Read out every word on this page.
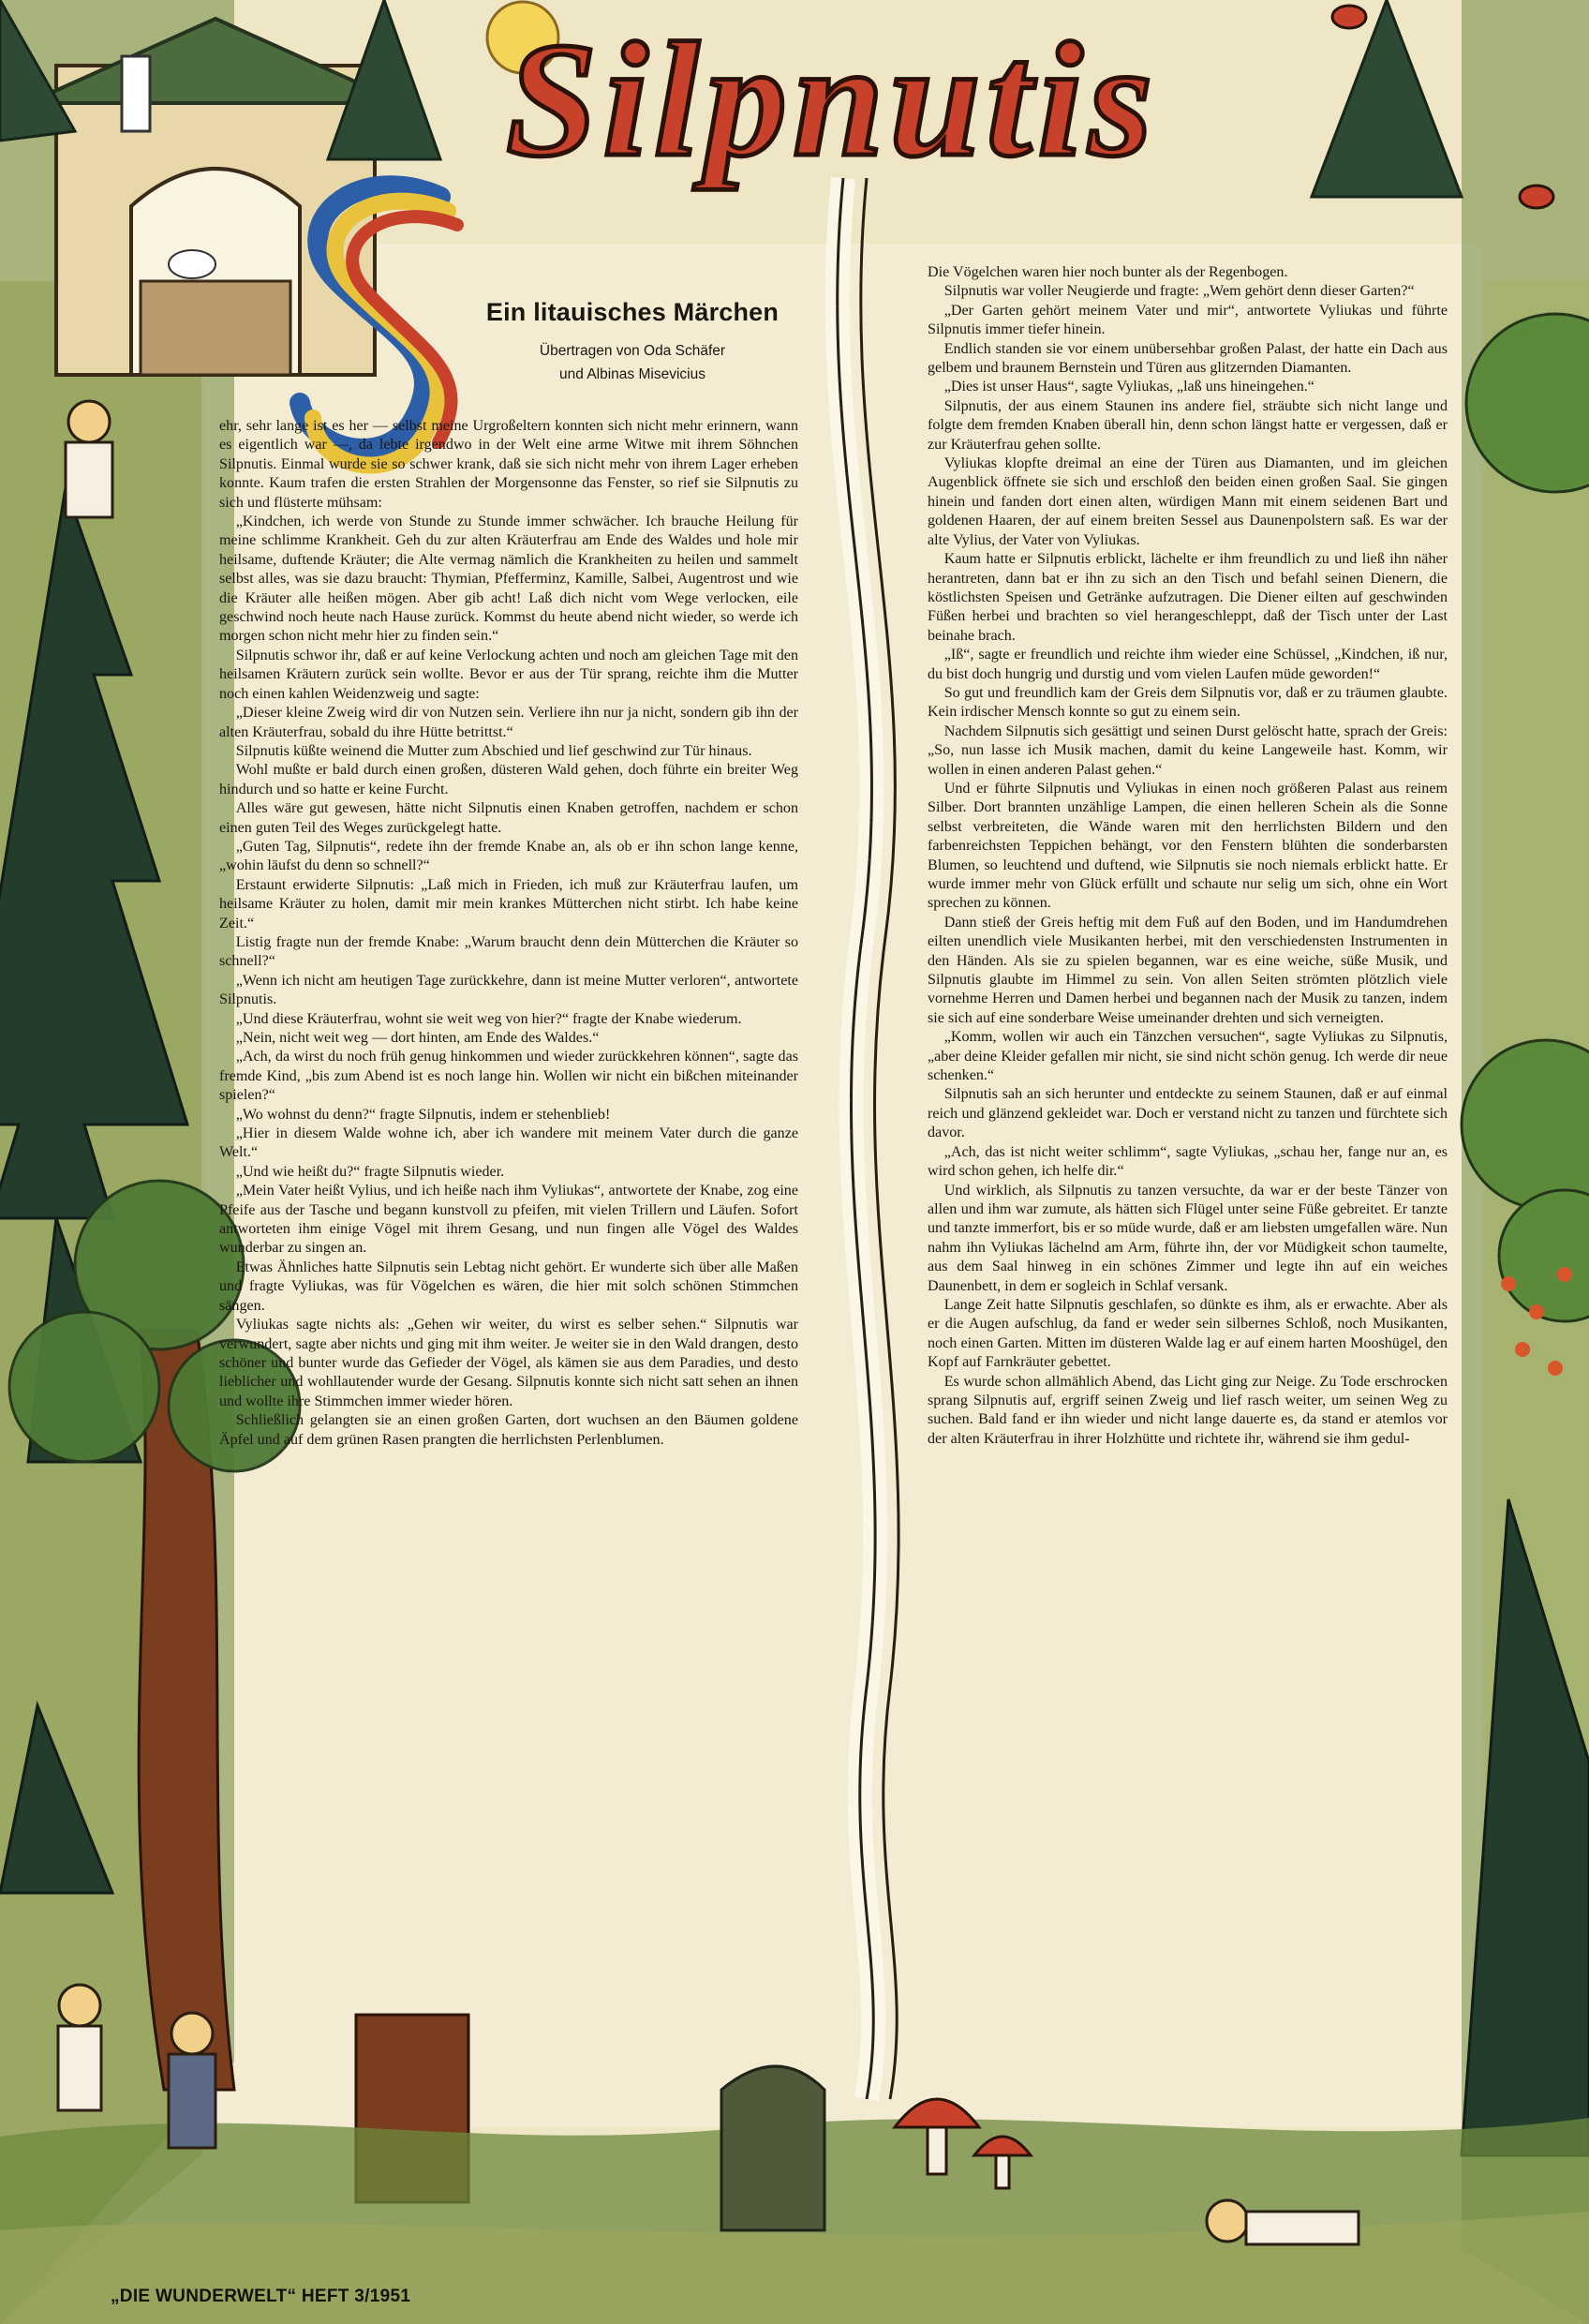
Silpnutis
Ein litauisches Märchen
Übertragen von Oda Schäfer
und Albinas Misevicius

ehr, sehr lange ist es her — selbst meine Urgroßeltern konnten sich nicht mehr erinnern, wann es eigentlich war —, da lebte irgendwo in der Welt eine arme Witwe mit ihrem Söhnchen Silpnutis. Einmal wurde sie so schwer krank, daß sie sich nicht mehr von ihrem Lager erheben konnte. Kaum trafen die ersten Strahlen der Morgensonne das Fenster, so rief sie Silpnutis zu sich und flüsterte mühsam:

„Kindchen, ich werde von Stunde zu Stunde immer schwächer. Ich brauche Heilung für meine schlimme Krankheit. Geh du zur alten Kräuterfrau am Ende des Waldes und hole mir heilsame, duftende Kräuter; die Alte vermag nämlich die Krankheiten zu heilen und sammelt selbst alles, was sie dazu braucht: Thymian, Pfefferminz, Kamille, Salbei, Augentrost und wie die Kräuter alle heißen mögen. Aber gib acht! Laß dich nicht vom Wege verlocken, eile geschwind noch heute nach Hause zurück. Kommst du heute abend nicht wieder, so werde ich morgen schon nicht mehr hier zu finden sein.“

Silpnutis schwor ihr, daß er auf keine Verlockung achten und noch am gleichen Tage mit den heilsamen Kräutern zurück sein wollte. Bevor er aus der Tür sprang, reichte ihm die Mutter noch einen kahlen Weidenzweig und sagte:

„Dieser kleine Zweig wird dir von Nutzen sein. Verliere ihn nur ja nicht, sondern gib ihn der alten Kräuterfrau, sobald du ihre Hütte betrittst.“

Silpnutis küßte weinend die Mutter zum Abschied und lief geschwind zur Tür hinaus.

Wohl mußte er bald durch einen großen, düsteren Wald gehen, doch führte ein breiter Weg hindurch und so hatte er keine Furcht.

Alles wäre gut gewesen, hätte nicht Silpnutis einen Knaben getroffen, nachdem er schon einen guten Teil des Weges zurückgelegt hatte.

„Guten Tag, Silpnutis“, redete ihn der fremde Knabe an, als ob er ihn schon lange kenne, „wohin läufst du denn so schnell?“

Erstaunt erwiderte Silpnutis: „Laß mich in Frieden, ich muß zur Kräuterfrau laufen, um heilsame Kräuter zu holen, damit mir mein krankes Mütterchen nicht stirbt. Ich habe keine Zeit.“

Listig fragte nun der fremde Knabe: „Warum braucht denn dein Mütterchen die Kräuter so schnell?“

„Wenn ich nicht am heutigen Tage zurückkehre, dann ist meine Mutter verloren“, antwortete Silpnutis.

„Und diese Kräuterfrau, wohnt sie weit weg von hier?“ fragte der Knabe wiederum.

„Nein, nicht weit weg — dort hinten, am Ende des Waldes.“

„Ach, da wirst du noch früh genug hinkommen und wieder zurückkehren können“, sagte das fremde Kind, „bis zum Abend ist es noch lange hin. Wollen wir nicht ein bißchen miteinander spielen?“

„Wo wohnst du denn?“ fragte Silpnutis, indem er stehenblieb!

„Hier in diesem Walde wohne ich, aber ich wandere mit meinem Vater durch die ganze Welt.“

„Und wie heißt du?“ fragte Silpnutis wieder.

„Mein Vater heißt Vylius, und ich heiße nach ihm Vyliukas“, antwortete der Knabe, zog eine Pfeife aus der Tasche und begann kunstvoll zu pfeifen, mit vielen Trillern und Läufen. Sofort antworteten ihm einige Vögel mit ihrem Gesang, und nun fingen alle Vögel des Waldes wunderbar zu singen an.

Etwas Ähnliches hatte Silpnutis sein Lebtag nicht gehört. Er wunderte sich über alle Maßen und fragte Vyliukas, was für Vögelchen es wären, die hier mit solch schönen Stimmchen sängen.

Vyliukas sagte nichts als: „Gehen wir weiter, du wirst es selber sehen.“ Silpnutis war verwundert, sagte aber nichts und ging mit ihm weiter. Je weiter sie in den Wald drangen, desto schöner und bunter wurde das Gefieder der Vögel, als kämen sie aus dem Paradies, und desto lieblicher und wohllautender wurde der Gesang. Silpnutis konnte sich nicht satt sehen an ihnen und wollte ihre Stimmchen immer wieder hören.

Schließlich gelangten sie an einen großen Garten, dort wuchsen an den Bäumen goldene Äpfel und auf dem grünen Rasen prangten die herrlichsten Perlenblumen.

Die Vögelchen waren hier noch bunter als der Regenbogen.

Silpnutis war voller Neugierde und fragte: „Wem gehört denn dieser Garten?“

„Der Garten gehört meinem Vater und mir“, antwortete Vyliukas und führte Silpnutis immer tiefer hinein.

Endlich standen sie vor einem unübersehbar großen Palast, der hatte ein Dach aus gelbem und braunem Bernstein und Türen aus glitzernden Diamanten.

„Dies ist unser Haus“, sagte Vyliukas, „laß uns hineingehen.“

Silpnutis, der aus einem Staunen ins andere fiel, sträubte sich nicht lange und folgte dem fremden Knaben überall hin, denn schon längst hatte er vergessen, daß er zur Kräuterfrau gehen sollte.

Vyliukas klopfte dreimal an eine der Türen aus Diamanten, und im gleichen Augenblick öffnete sie sich und erschloß den beiden einen großen Saal. Sie gingen hinein und fanden dort einen alten, würdigen Mann mit einem seidenen Bart und goldenen Haaren, der auf einem breiten Sessel aus Daunenpolstern saß. Es war der alte Vylius, der Vater von Vyliukas.

Kaum hatte er Silpnutis erblickt, lächelte er ihm freundlich zu und ließ ihn näher herantreten, dann bat er ihn zu sich an den Tisch und befahl seinen Dienern, die köstlichsten Speisen und Getränke aufzutragen. Die Diener eilten auf geschwinden Füßen herbei und brachten so viel herangeschleppt, daß der Tisch unter der Last beinahe brach.

„Iß“, sagte er freundlich und reichte ihm wieder eine Schüssel, „Kindchen, iß nur, du bist doch hungrig und durstig und vom vielen Laufen müde geworden!“

So gut und freundlich kam der Greis dem Silpnutis vor, daß er zu träumen glaubte. Kein irdischer Mensch konnte so gut zu einem sein.

Nachdem Silpnutis sich gesättigt und seinen Durst gelöscht hatte, sprach der Greis: „So, nun lasse ich Musik machen, damit du keine Langeweile hast. Komm, wir wollen in einen anderen Palast gehen.“

Und er führte Silpnutis und Vyliukas in einen noch größeren Palast aus reinem Silber. Dort brannten unzählige Lampen, die einen helleren Schein als die Sonne selbst verbreiteten, die Wände waren mit den herrlichsten Bildern und den farbenreichsten Teppichen behängt, vor den Fenstern blühten die sonderbarsten Blumen, so leuchtend und duftend, wie Silpnutis sie noch niemals erblickt hatte. Er wurde immer mehr von Glück erfüllt und schaute nur selig um sich, ohne ein Wort sprechen zu können.

Dann stieß der Greis heftig mit dem Fuß auf den Boden, und im Handumdrehen eilten unendlich viele Musikanten herbei, mit den verschiedensten Instrumenten in den Händen. Als sie zu spielen begannen, war es eine weiche, süße Musik, und Silpnutis glaubte im Himmel zu sein. Von allen Seiten strömten plötzlich viele vornehme Herren und Damen herbei und begannen nach der Musik zu tanzen, indem sie sich auf eine sonderbare Weise umeinander drehten und sich verneigten.

„Komm, wollen wir auch ein Tänzchen versuchen“, sagte Vyliukas zu Silpnutis, „aber deine Kleider gefallen mir nicht, sie sind nicht schön genug. Ich werde dir neue schenken.“

Silpnutis sah an sich herunter und entdeckte zu seinem Staunen, daß er auf einmal reich und glänzend gekleidet war. Doch er verstand nicht zu tanzen und fürchtete sich davor.

„Ach, das ist nicht weiter schlimm“, sagte Vyliukas, „schau her, fange nur an, es wird schon gehen, ich helfe dir.“

Und wirklich, als Silpnutis zu tanzen versuchte, da war er der beste Tänzer von allen und ihm war zumute, als hätten sich Flügel unter seine Füße gebreitet. Er tanzte und tanzte immerfort, bis er so müde wurde, daß er am liebsten umgefallen wäre. Nun nahm ihn Vyliukas lächelnd am Arm, führte ihn, der vor Müdigkeit schon taumelte, aus dem Saal hinweg in ein schönes Zimmer und legte ihn auf ein weiches Daunenbett, in dem er sogleich in Schlaf versank.

Lange Zeit hatte Silpnutis geschlafen, so dünkte es ihm, als er erwachte. Aber als er die Augen aufschlug, da fand er weder sein silbernes Schloß, noch Musikanten, noch einen Garten. Mitten im düsteren Walde lag er auf einem harten Mooshügel, den Kopf auf Farnkräuter gebettet.

Es wurde schon allmählich Abend, das Licht ging zur Neige. Zu Tode erschrocken sprang Silpnutis auf, ergriff seinen Zweig und lief rasch weiter, um seinen Weg zu suchen. Bald fand er ihn wieder und nicht lange dauerte es, da stand er atemlos vor der alten Kräuterfrau in ihrer Holzhütte und richtete ihr, während sie ihm gedul-

„DIE WUNDERWELT“ HEFT 3/1951
